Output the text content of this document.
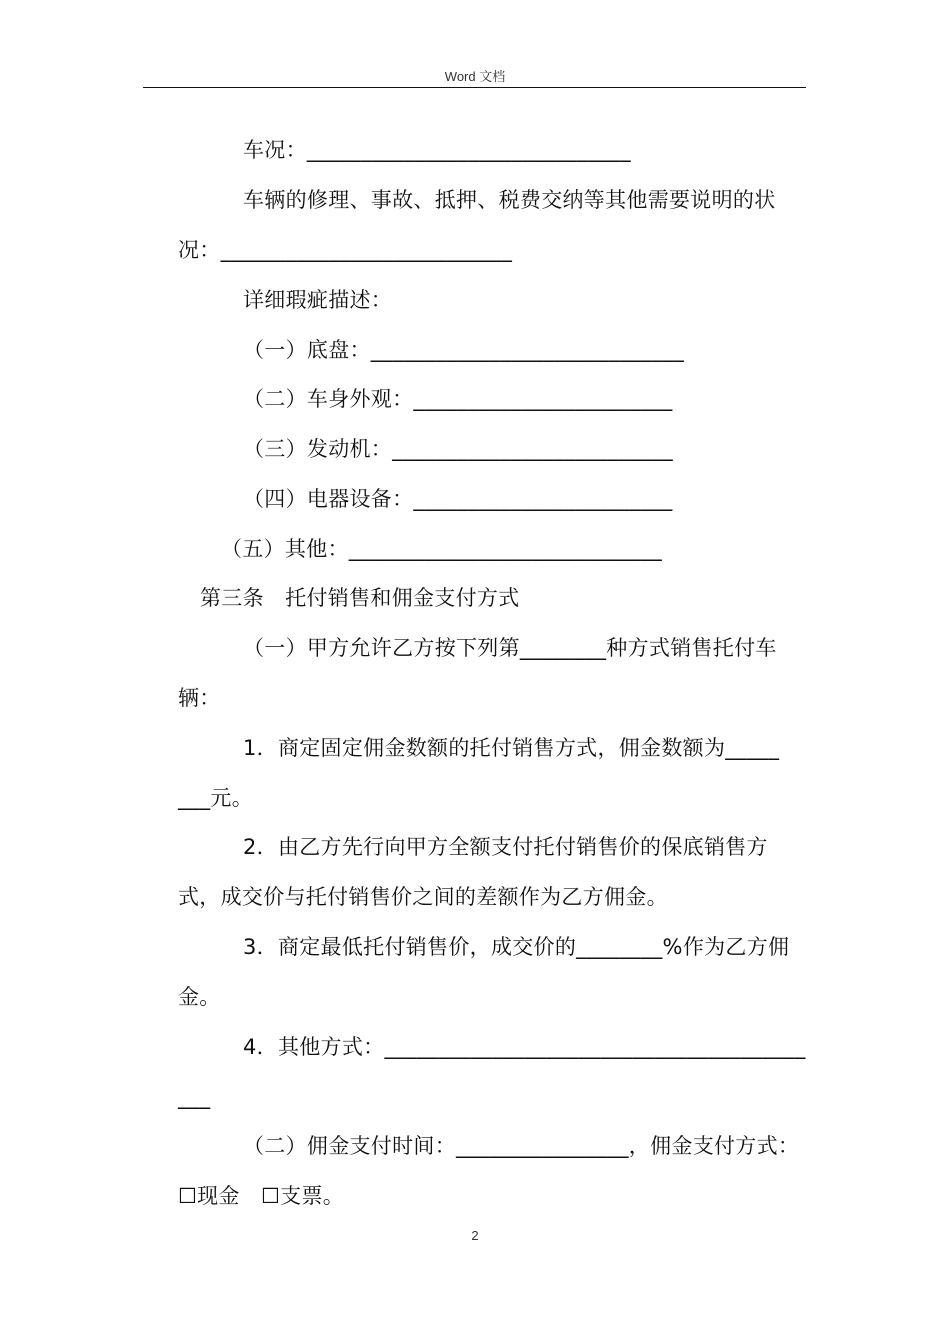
Word 文档
车况：______________________________
车辆的修理、事故、抵押、税费交纳等其他需要说明的状
况：___________________________
详细瑕疵描述：
（一）底盘：_____________________________
（二）车身外观：________________________
（三）发动机：__________________________
（四）电器设备：________________________
（五）其他：_____________________________
第三条　托付销售和佣金支付方式
（一）甲方允许乙方按下列第________种方式销售托付车
辆：
1．商定固定佣金数额的托付销售方式，佣金数额为_____
___元。
2．由乙方先行向甲方全额支付托付销售价的保底销售方
式，成交价与托付销售价之间的差额作为乙方佣金。
3．商定最低托付销售价，成交价的________%作为乙方佣
金。
4．其他方式：_______________________________________
___
（二）佣金支付时间：________________，佣金支付方式：
☐现金　☐支票。
2
